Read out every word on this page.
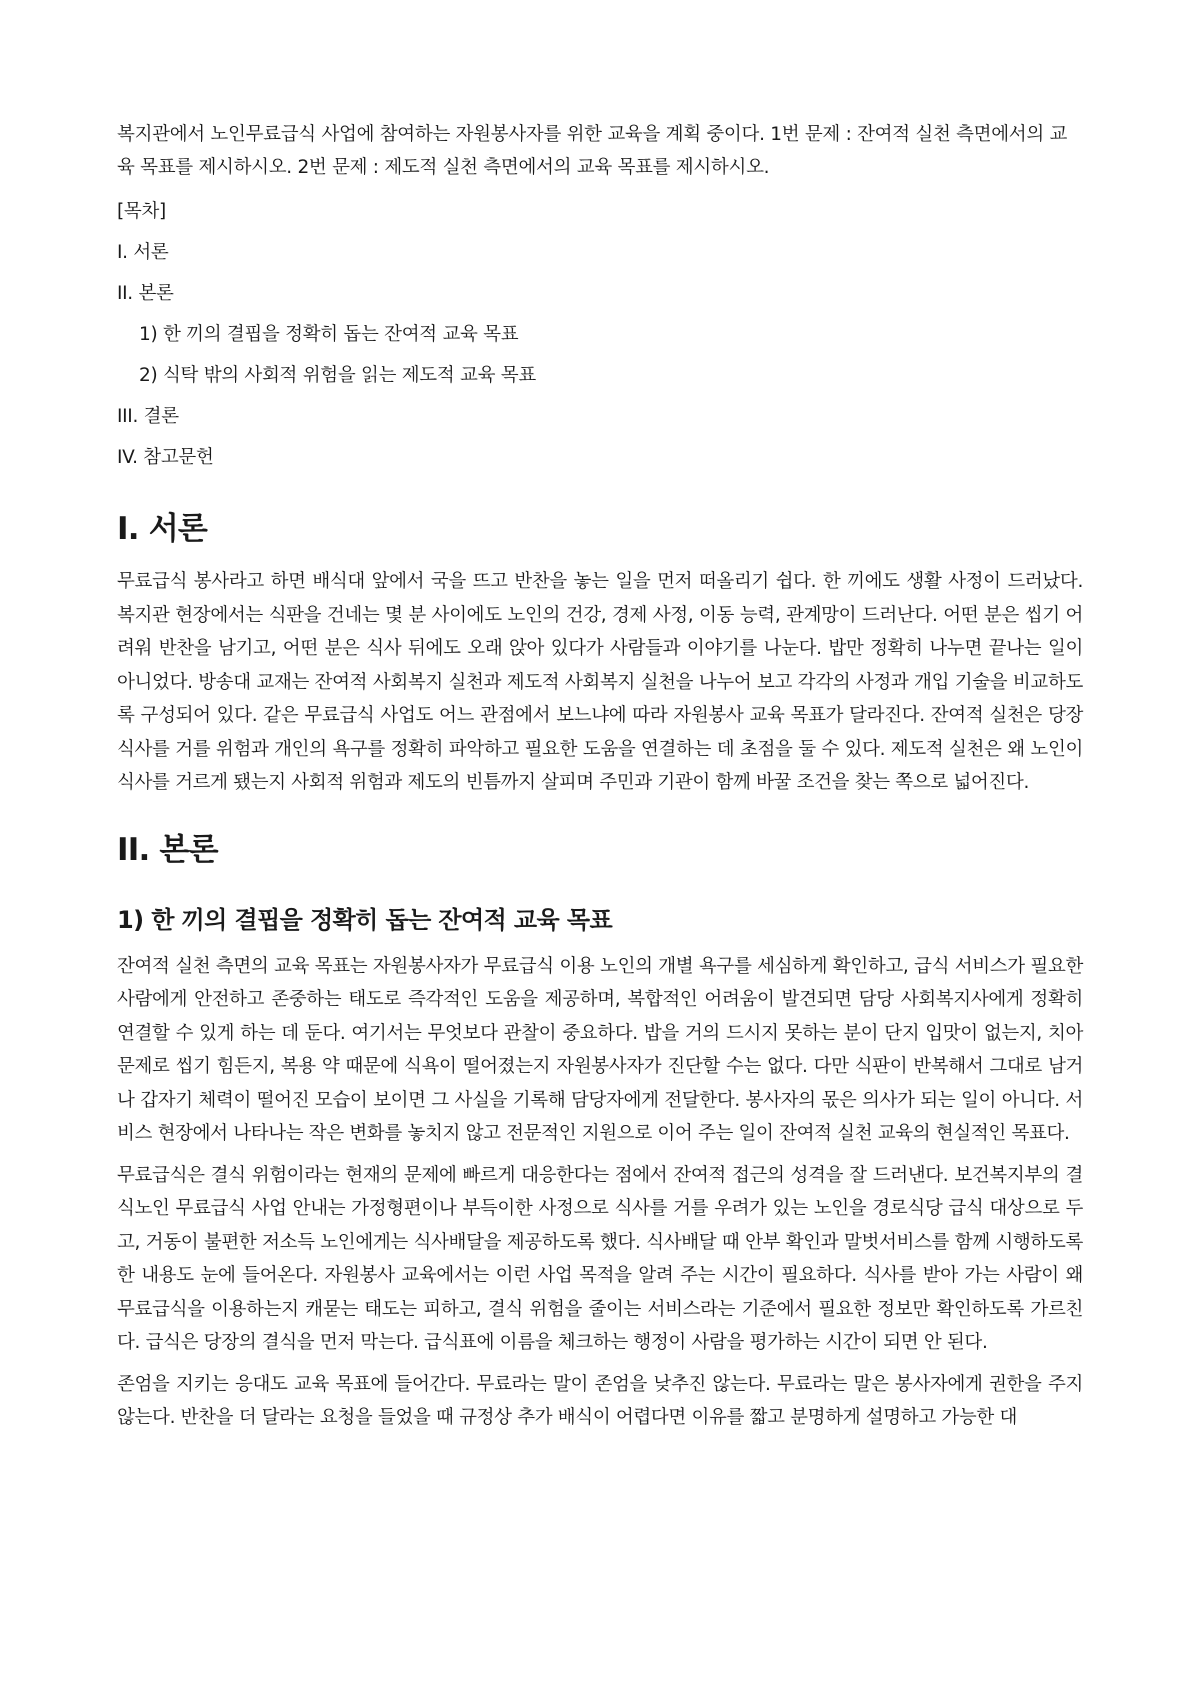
복지관에서 노인무료급식 사업에 참여하는 자원봉사자를 위한 교육을 계획 중이다. 1번 문제 : 잔여적 실천 측면에서의 교육 목표를 제시하시오. 2번 문제 : 제도적 실천 측면에서의 교육 목표를 제시하시오.

[목차]

I. 서론

II. 본론

1) 한 끼의 결핍을 정확히 돕는 잔여적 교육 목표

2) 식탁 밖의 사회적 위험을 읽는 제도적 교육 목표

III. 결론

IV. 참고문헌

I. 서론

무료급식 봉사라고 하면 배식대 앞에서 국을 뜨고 반찬을 놓는 일을 먼저 떠올리기 쉽다. 한 끼에도 생활 사정이 드러났다. 복지관 현장에서는 식판을 건네는 몇 분 사이에도 노인의 건강, 경제 사정, 이동 능력, 관계망이 드러난다. 어떤 분은 씹기 어려워 반찬을 남기고, 어떤 분은 식사 뒤에도 오래 앉아 있다가 사람들과 이야기를 나눈다. 밥만 정확히 나누면 끝나는 일이 아니었다. 방송대 교재는 잔여적 사회복지 실천과 제도적 사회복지 실천을 나누어 보고 각각의 사정과 개입 기술을 비교하도록 구성되어 있다. 같은 무료급식 사업도 어느 관점에서 보느냐에 따라 자원봉사 교육 목표가 달라진다. 잔여적 실천은 당장 식사를 거를 위험과 개인의 욕구를 정확히 파악하고 필요한 도움을 연결하는 데 초점을 둘 수 있다. 제도적 실천은 왜 노인이 식사를 거르게 됐는지 사회적 위험과 제도의 빈틈까지 살피며 주민과 기관이 함께 바꿀 조건을 찾는 쪽으로 넓어진다.

II. 본론
1) 한 끼의 결핍을 정확히 돕는 잔여적 교육 목표

잔여적 실천 측면의 교육 목표는 자원봉사자가 무료급식 이용 노인의 개별 욕구를 세심하게 확인하고, 급식 서비스가 필요한 사람에게 안전하고 존중하는 태도로 즉각적인 도움을 제공하며, 복합적인 어려움이 발견되면 담당 사회복지사에게 정확히 연결할 수 있게 하는 데 둔다. 여기서는 무엇보다 관찰이 중요하다. 밥을 거의 드시지 못하는 분이 단지 입맛이 없는지, 치아 문제로 씹기 힘든지, 복용 약 때문에 식욕이 떨어졌는지 자원봉사자가 진단할 수는 없다. 다만 식판이 반복해서 그대로 남거나 갑자기 체력이 떨어진 모습이 보이면 그 사실을 기록해 담당자에게 전달한다. 봉사자의 몫은 의사가 되는 일이 아니다. 서비스 현장에서 나타나는 작은 변화를 놓치지 않고 전문적인 지원으로 이어 주는 일이 잔여적 실천 교육의 현실적인 목표다.

무료급식은 결식 위험이라는 현재의 문제에 빠르게 대응한다는 점에서 잔여적 접근의 성격을 잘 드러낸다. 보건복지부의 결식노인 무료급식 사업 안내는 가정형편이나 부득이한 사정으로 식사를 거를 우려가 있는 노인을 경로식당 급식 대상으로 두고, 거동이 불편한 저소득 노인에게는 식사배달을 제공하도록 했다. 식사배달 때 안부 확인과 말벗서비스를 함께 시행하도록 한 내용도 눈에 들어온다. 자원봉사 교육에서는 이런 사업 목적을 알려 주는 시간이 필요하다. 식사를 받아 가는 사람이 왜 무료급식을 이용하는지 캐묻는 태도는 피하고, 결식 위험을 줄이는 서비스라는 기준에서 필요한 정보만 확인하도록 가르친다. 급식은 당장의 결식을 먼저 막는다. 급식표에 이름을 체크하는 행정이 사람을 평가하는 시간이 되면 안 된다.

존엄을 지키는 응대도 교육 목표에 들어간다. 무료라는 말이 존엄을 낮추진 않는다. 무료라는 말은 봉사자에게 권한을 주지 않는다. 반찬을 더 달라는 요청을 들었을 때 규정상 추가 배식이 어렵다면 이유를 짧고 분명하게 설명하고 가능한 대
